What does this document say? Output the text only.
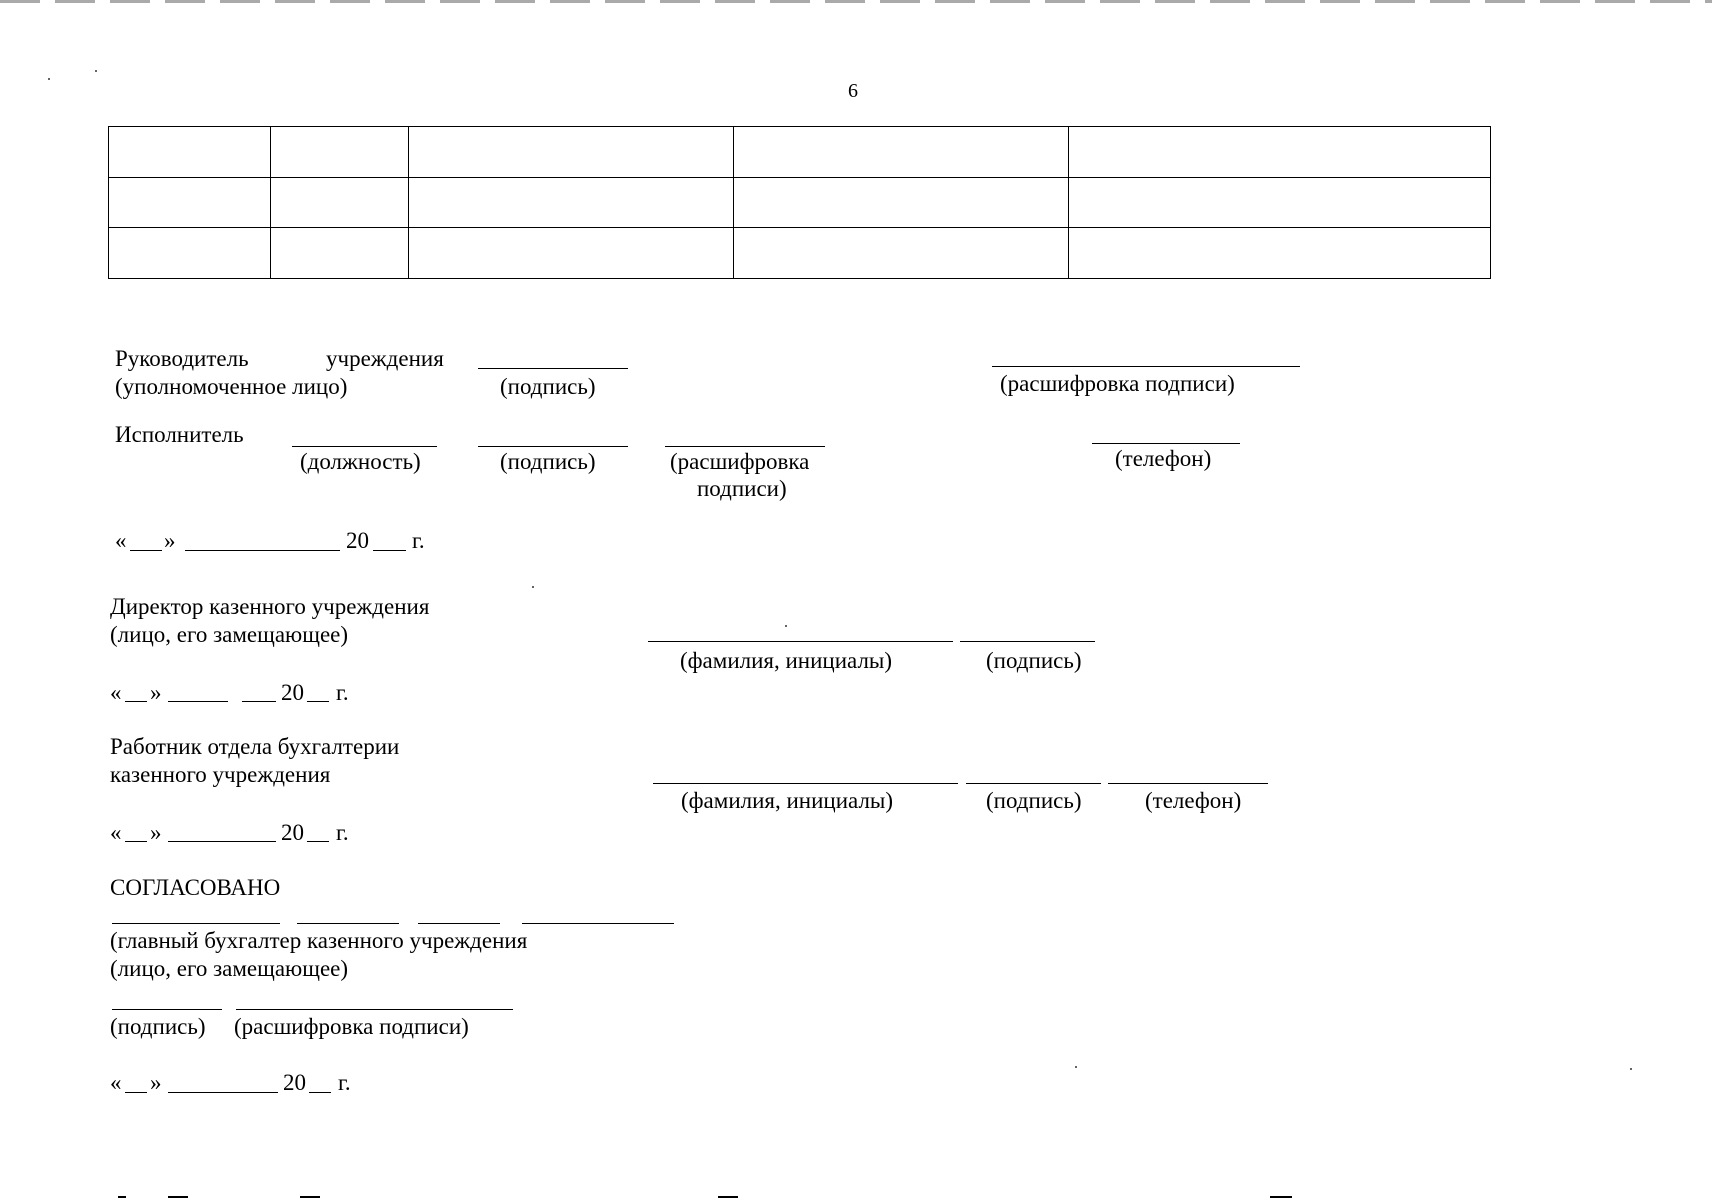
6

Руководитель	учреждения
(уполномоченное лицо)	(подпись)	(расшифровка подписи)
Исполнитель
(должность)	(подпись)	(расшифровка
подписи)
(телефон)
« »	20 г.
Директор казенного учреждения
(лицо, его замещающее)
(фамилия, инициалы)	(подпись)
« »	20 г.
Работник отдела бухгалтерии
казенного учреждения
(фамилия, инициалы)	(подпись)	(телефон)
« »	20 г.
СОГЛАСОВАНО
(главный бухгалтер казенного учреждения
(лицо, его замещающее)
(подпись) (расшифровка подписи)
« »	20 г.
